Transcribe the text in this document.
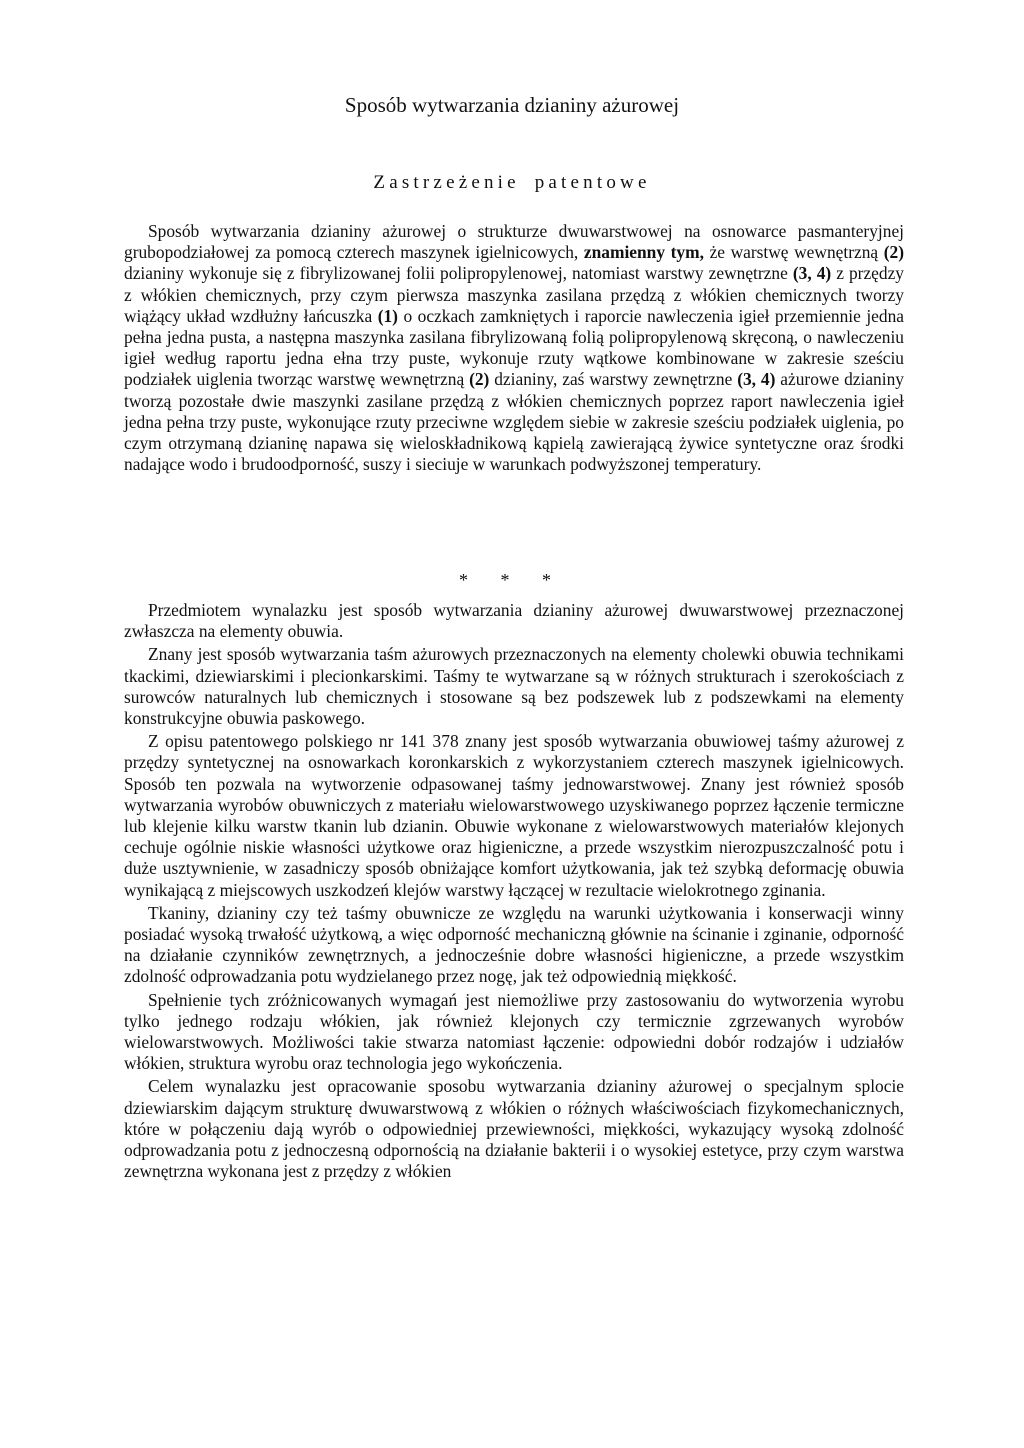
Sposób wytwarzania dzianiny ażurowej
Zastrzeżenie patentowe

Sposób wytwarzania dzianiny ażurowej o strukturze dwuwarstwowej na osnowarce pasmanteryjnej grubopodziałowej za pomocą czterech maszynek igielnicowych, znamienny tym, że warstwę wewnętrzną (2) dzianiny wykonuje się z fibrylizowanej folii polipropylenowej, natomiast warstwy zewnętrzne (3, 4) z przędzy z włókien chemicznych, przy czym pierwsza maszynka zasilana przędzą z włókien chemicznych tworzy wiążący układ wzdłużny łańcuszka (1) o oczkach zamkniętych i raporcie nawleczenia igieł przemiennie jedna pełna jedna pusta, a następna maszynka zasilana fibrylizowaną folią polipropylenową skręconą, o nawleczeniu igieł według raportu jedna ełna trzy puste, wykonuje rzuty wątkowe kombinowane w zakresie sześciu podziałek uiglenia tworząc warstwę wewnętrzną (2) dzianiny, zaś warstwy zewnętrzne (3, 4) ażurowe dzianiny tworzą pozostałe dwie maszynki zasilane przędzą z włókien chemicznych poprzez raport nawleczenia igieł jedna pełna trzy puste, wykonujące rzuty przeciwne względem siebie w zakresie sześciu podziałek uiglenia, po czym otrzymaną dzianinę napawa się wieloskładnikową kąpielą zawierającą żywice syntetyczne oraz środki nadające wodo i brudoodporność, suszy i sieciuje w warunkach podwyższonej temperatury.

* * *

Przedmiotem wynalazku jest sposób wytwarzania dzianiny ażurowej dwuwarstwowej przeznaczonej zwłaszcza na elementy obuwia.

Znany jest sposób wytwarzania taśm ażurowych przeznaczonych na elementy cholewki obuwia technikami tkackimi, dziewiarskimi i plecionkarskimi. Taśmy te wytwarzane są w różnych strukturach i szerokościach z surowców naturalnych lub chemicznych i stosowane są bez podszewek lub z podszewkami na elementy konstrukcyjne obuwia paskowego.

Z opisu patentowego polskiego nr 141 378 znany jest sposób wytwarzania obuwiowej taśmy ażurowej z przędzy syntetycznej na osnowarkach koronkarskich z wykorzystaniem czterech maszynek igielnicowych. Sposób ten pozwala na wytworzenie odpasowanej taśmy jednowarstwowej. Znany jest również sposób wytwarzania wyrobów obuwniczych z materiału wielowarstwowego uzyskiwanego poprzez łączenie termiczne lub klejenie kilku warstw tkanin lub dzianin. Obuwie wykonane z wielowarstwowych materiałów klejonych cechuje ogólnie niskie własności użytkowe oraz higieniczne, a przede wszystkim nierozpuszczalność potu i duże usztywnienie, w zasadniczy sposób obniżające komfort użytkowania, jak też szybką deformację obuwia wynikającą z miejscowych uszkodzeń klejów warstwy łączącej w rezultacie wielokrotnego zginania.

Tkaniny, dzianiny czy też taśmy obuwnicze ze względu na warunki użytkowania i konserwacji winny posiadać wysoką trwałość użytkową, a więc odporność mechaniczną głównie na ścinanie i zginanie, odporność na działanie czynników zewnętrznych, a jednocześnie dobre własności higieniczne, a przede wszystkim zdolność odprowadzania potu wydzielanego przez nogę, jak też odpowiednią miękkość.

Spełnienie tych zróżnicowanych wymagań jest niemożliwe przy zastosowaniu do wytworzenia wyrobu tylko jednego rodzaju włókien, jak również klejonych czy termicznie zgrzewanych wyrobów wielowarstwowych. Możliwości takie stwarza natomiast łączenie: odpowiedni dobór rodzajów i udziałów włókien, struktura wyrobu oraz technologia jego wykończenia.

Celem wynalazku jest opracowanie sposobu wytwarzania dzianiny ażurowej o specjalnym splocie dziewiarskim dającym strukturę dwuwarstwową z włókien o różnych właściwościach fizykomechanicznych, które w połączeniu dają wyrób o odpowiedniej przewiewności, miękkości, wykazujący wysoką zdolność odprowadzania potu z jednoczesną odpornością na działanie bakterii i o wysokiej estetyce, przy czym warstwa zewnętrzna wykonana jest z przędzy z włókien
